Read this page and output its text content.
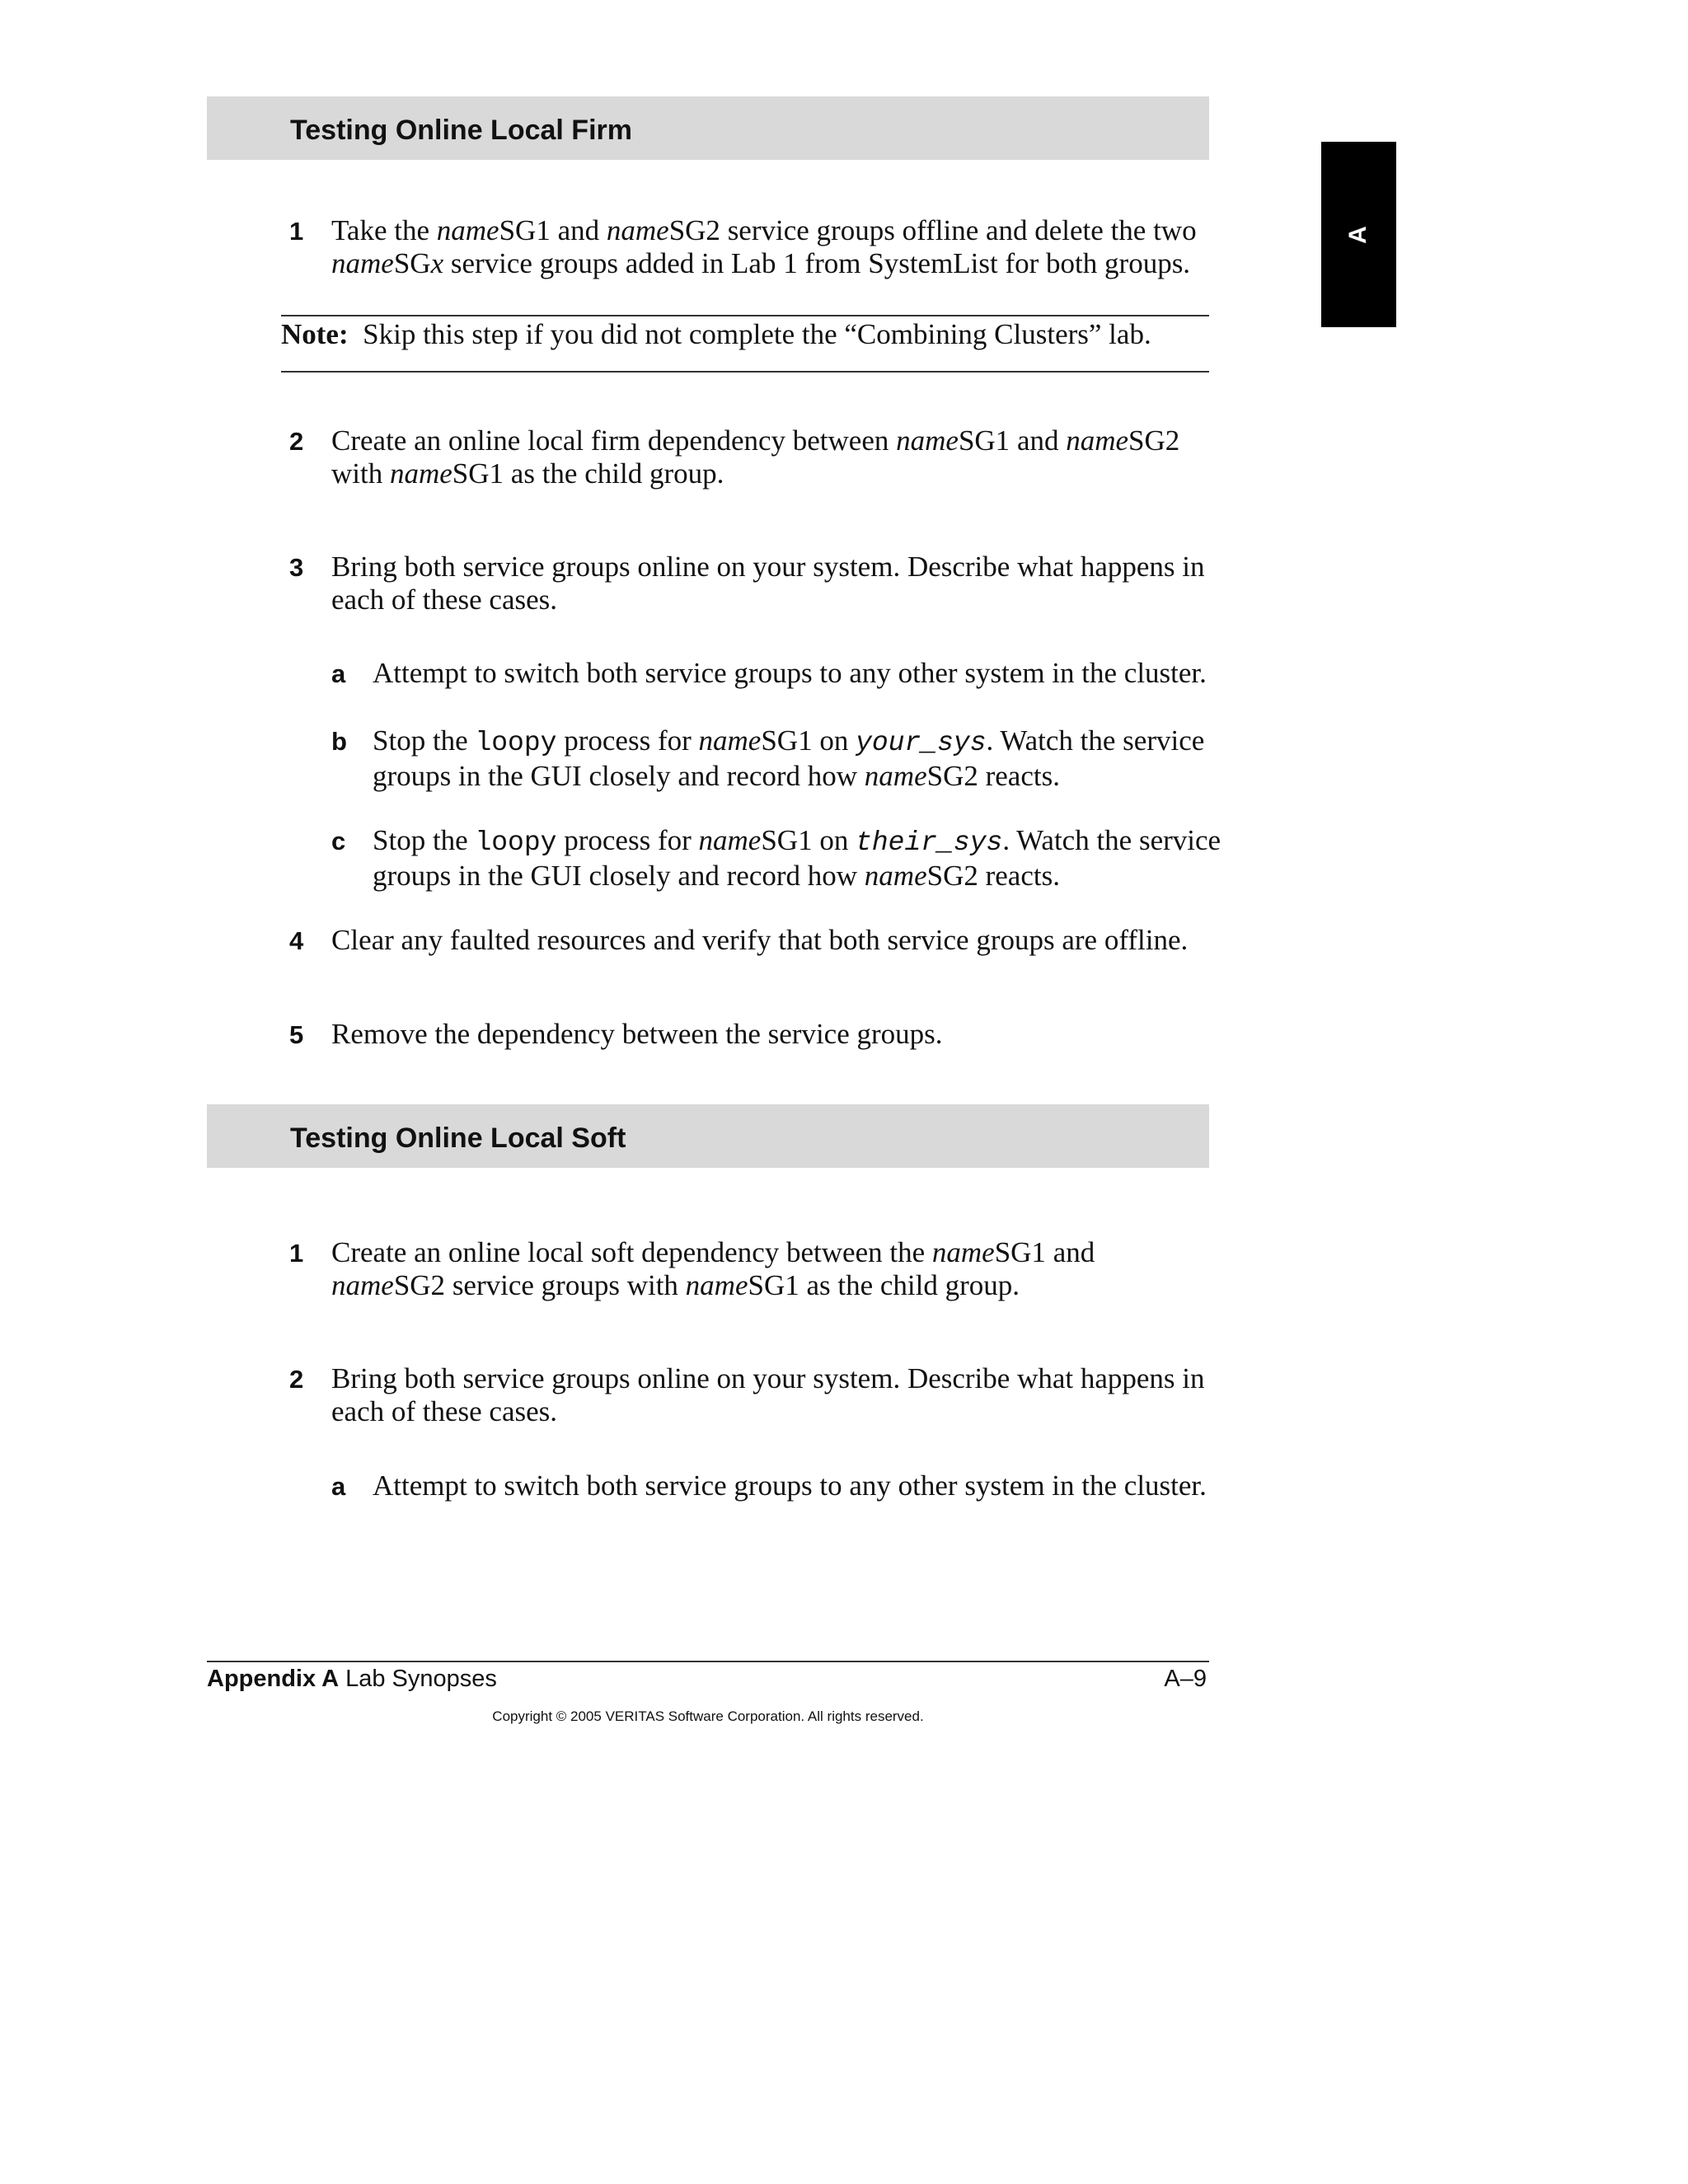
A
Testing Online Local Firm
1 Take the nameSG1 and nameSG2 service groups offline and delete the two nameSGx service groups added in Lab 1 from SystemList for both groups.
Note: Skip this step if you did not complete the “Combining Clusters” lab.
2 Create an online local firm dependency between nameSG1 and nameSG2 with nameSG1 as the child group.
3 Bring both service groups online on your system. Describe what happens in each of these cases.
a Attempt to switch both service groups to any other system in the cluster.
b Stop the loopy process for nameSG1 on your_sys. Watch the service groups in the GUI closely and record how nameSG2 reacts.
c Stop the loopy process for nameSG1 on their_sys. Watch the service groups in the GUI closely and record how nameSG2 reacts.
4 Clear any faulted resources and verify that both service groups are offline.
5 Remove the dependency between the service groups.
Testing Online Local Soft
1 Create an online local soft dependency between the nameSG1 and nameSG2 service groups with nameSG1 as the child group.
2 Bring both service groups online on your system. Describe what happens in each of these cases.
a Attempt to switch both service groups to any other system in the cluster.
Appendix A Lab Synopses	A–9
Copyright © 2005 VERITAS Software Corporation. All rights reserved.
